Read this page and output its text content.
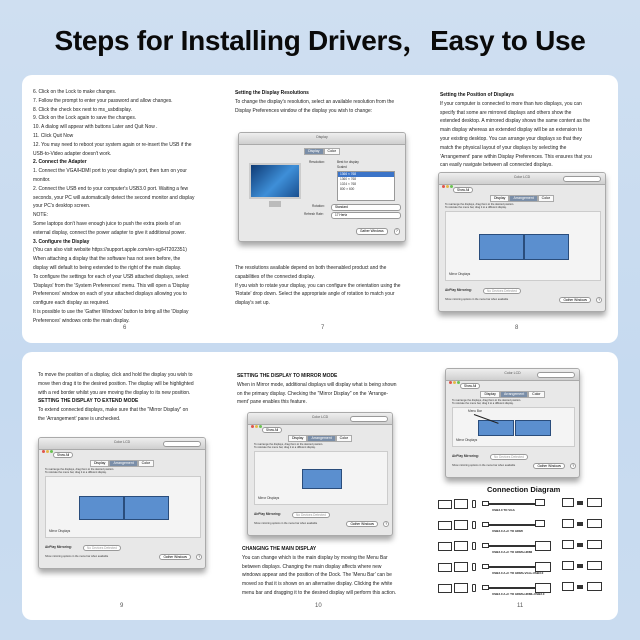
Steps for Installing Drivers，Easy to Use
6. Click on the Lock to make changes.
7. Follow the prompt to enter your password and allow changes.
8. Click the check box next to ms_usbdisplay.
9. Click on the Lock again to save the changes.
10. A dialog will appear with buttons Later and Quit Now .
11. Click Quit Now
12. You may need to reboot your system again or re-insert the USB if the
USB-to-Video adapter doesn't work.
2. Connect the Adapter
1. Connect the VGA/HDMI port to your display's port, then turn on your
monitor.
2. Connect the USB end to your computer's USB3.0 port. Waiting a few
seconds, your PC will automatically detect the second monitor and display
your PC's desktop screen.
NOTE:
Some laptops don't have enough juice to push the extra pixels of an
external display, connect the power adapter to give it additional power.
3. Configure the Display
(You can also visit website https://support.apple.com/en-sg/HT202351)
When attaching a display that the software has not seen before, the
display will default to being extended to the right of the main display.
To configure the settings for each of your USB attached displays, select
'Displays' from the 'System Preferences' menu. This will open a 'Display
Preferences' window on each of your attached displays allowing you to
configure each display as required.
It is possible to use the 'Gather Windows' button to bring all the 'Display
Preferences' windows onto the main display.
6
Setting the Display Resolutions
To change the display's resolution, select an available resolution from the
Display Preferences window of the display you wish to change:
Display
Display Color
Resolution:	Best for display
Scaled
1366 × 768
1360 × 768
1024 × 768
800 × 600
Rotation:	Standard
Refresh Rate:	17 Hertz
Gather Windows	?
The resolutions available depend on both theenabled product and the
capabilities of the connected display.
If you wish to rotate your display, you can configure the orientation using the
'Rotate' drop down. Select the appropriate angle of rotation to match your
display's set up.
7
Setting the Position of Displays
If your computer is connected to more than two displays, you can
specify that some are mirrored displays and others show the
extended desktop. A mirrored display shows the same content as the
main display whereas an extended display will be an extension to
your existing desktop. You can arrange your displays so that they
match the physical layout of your displays by selecting the
'Arrangement' pane within Display Preferences. This ensures that you
can easily navigate between all connected displays.
Color LCD
Show All
Display Arrangement Color
To rearrange the displays, drag them to the desired position.
To relocate the menu bar, drag it to a different display.
Mirror Displays
AirPlay Mirroring:	No Devices Detected
Show mirroring options in the menu bar when available	Gather Windows	?
8
To move the position of a display, click and hold the display you wish to
move then drag it to the desired position. The display will be highlighted
with a red border whilst you are moving the display to its new position.
SETTING THE DISPLAY TO EXTEND MODE
To extend connected displays, make sure that the "Mirror Display" on
the 'Arrangement' pane is unchecked.
Color LCD
Show All
Display Arrangement Color
To rearrange the displays, drag them to the desired position.
To relocate the menu bar, drag it to a different display.
Mirror Displays
AirPlay Mirroring:	No Devices Detected
Show mirroring options in the menu bar when available	Gather Windows	?
9
SETTING THE DISPLAY TO MIRROR MODE
When in Mirror mode, additional displays will display what is being shown
on the primary display. Checking the "Mirror Display" on the 'Arrange-
ment' pane enables this feature.
Color LCD
Show All
Display Arrangement Color
To rearrange the displays, drag them to the desired position.
To relocate the menu bar, drag it to a different display.
Mirror Displays
AirPlay Mirroring:	No Devices Detected
Show mirroring options in the menu bar when available	Gather Windows	?
CHANGING THE MAIN DISPLAY
You can change which is the main display by moving the Menu Bar
between displays. Changing the main display affects where new
windows appear and the position of the Dock. The 'Menu Bar' can be
moved so that it is shown on an alternative display. Clicking the white
menu bar and dragging it to the desired display will perform this action.
10
Color LCD
Show All
Display Arrangement Color
To rearrange the displays, drag them to the desired position.
To relocate the menu bar, drag it to a different display.
Menu Bar
Mirror Displays
AirPlay Mirroring:	No Devices Detected
Show mirroring options in the menu bar when available	Gather Windows	?
Connection Diagram
USB3.0 TO VGA
USB3.0 A+C TO HDMI
USB3.0 A+C TO HDMI+HDMI
USB3.0 A+C TO HDMI+VGA+USB3.0
USB3.0 A+C TO HDMI+HDMI+USB3.0
11
